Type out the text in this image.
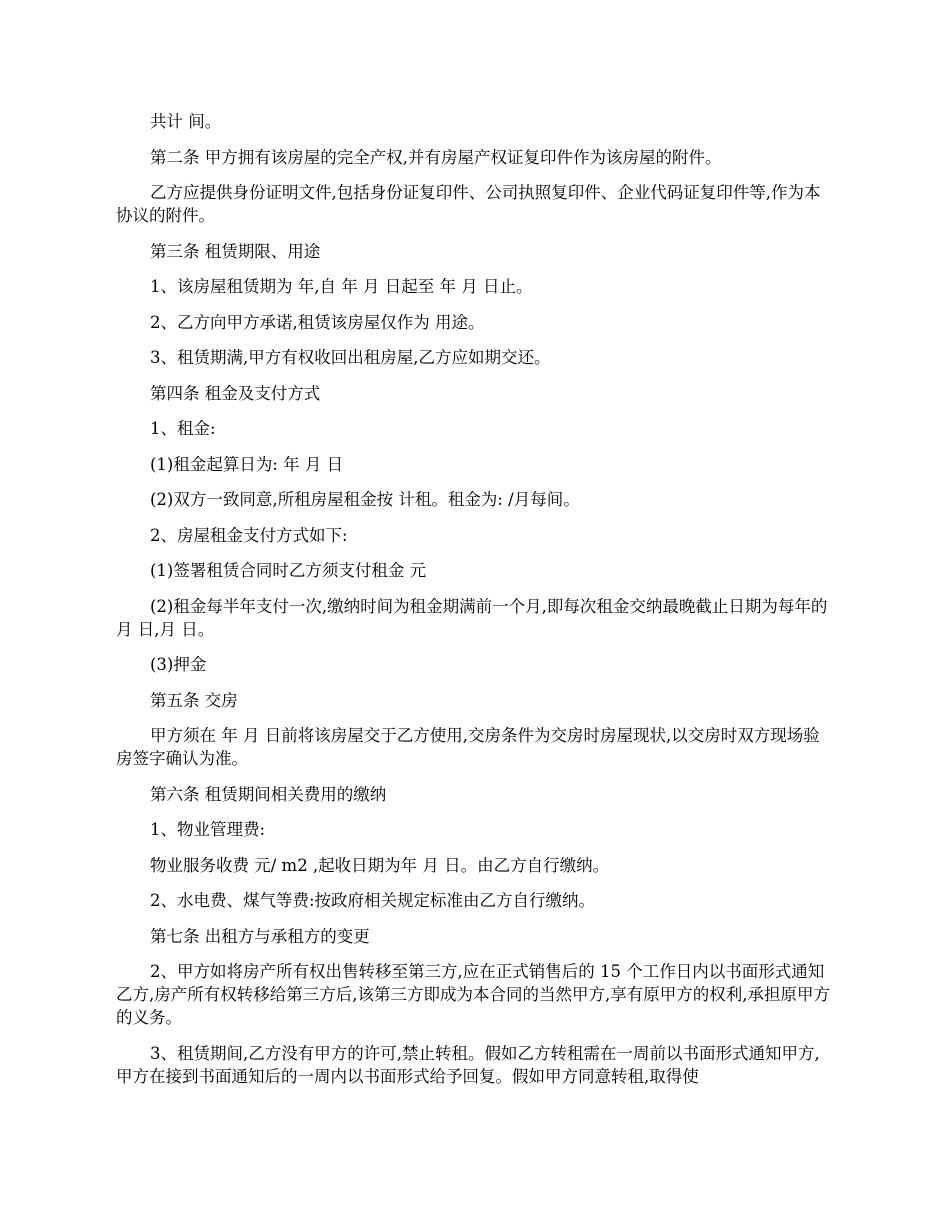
共计 间。

第二条 甲方拥有该房屋的完全产权,并有房屋产权证复印件作为该房屋的附件。

乙方应提供身份证明文件,包括身份证复印件、公司执照复印件、企业代码证复印件等,作为本协议的附件。

第三条 租赁期限、用途

1、该房屋租赁期为 年,自 年 月 日起至 年 月 日止。

2、乙方向甲方承诺,租赁该房屋仅作为 用途。

3、租赁期满,甲方有权收回出租房屋,乙方应如期交还。

第四条 租金及支付方式

1、租金:

(1)租金起算日为: 年 月 日

(2)双方一致同意,所租房屋租金按 计租。租金为: /月每间。

2、房屋租金支付方式如下:

(1)签署租赁合同时乙方须支付租金 元

(2)租金每半年支付一次,缴纳时间为租金期满前一个月,即每次租金交纳最晚截止日期为每年的 月 日,月 日。

(3)押金

第五条 交房

甲方须在 年 月 日前将该房屋交于乙方使用,交房条件为交房时房屋现状,以交房时双方现场验房签字确认为准。

第六条 租赁期间相关费用的缴纳

1、物业管理费:

物业服务收费 元/ m2 ,起收日期为年 月 日。由乙方自行缴纳。

2、水电费、煤气等费:按政府相关规定标准由乙方自行缴纳。

第七条 出租方与承租方的变更

2、甲方如将房产所有权出售转移至第三方,应在正式销售后的 15 个工作日内以书面形式通知乙方,房产所有权转移给第三方后,该第三方即成为本合同的当然甲方,享有原甲方的权利,承担原甲方的义务。

3、租赁期间,乙方没有甲方的许可,禁止转租。假如乙方转租需在一周前以书面形式通知甲方,甲方在接到书面通知后的一周内以书面形式给予回复。假如甲方同意转租,取得使
